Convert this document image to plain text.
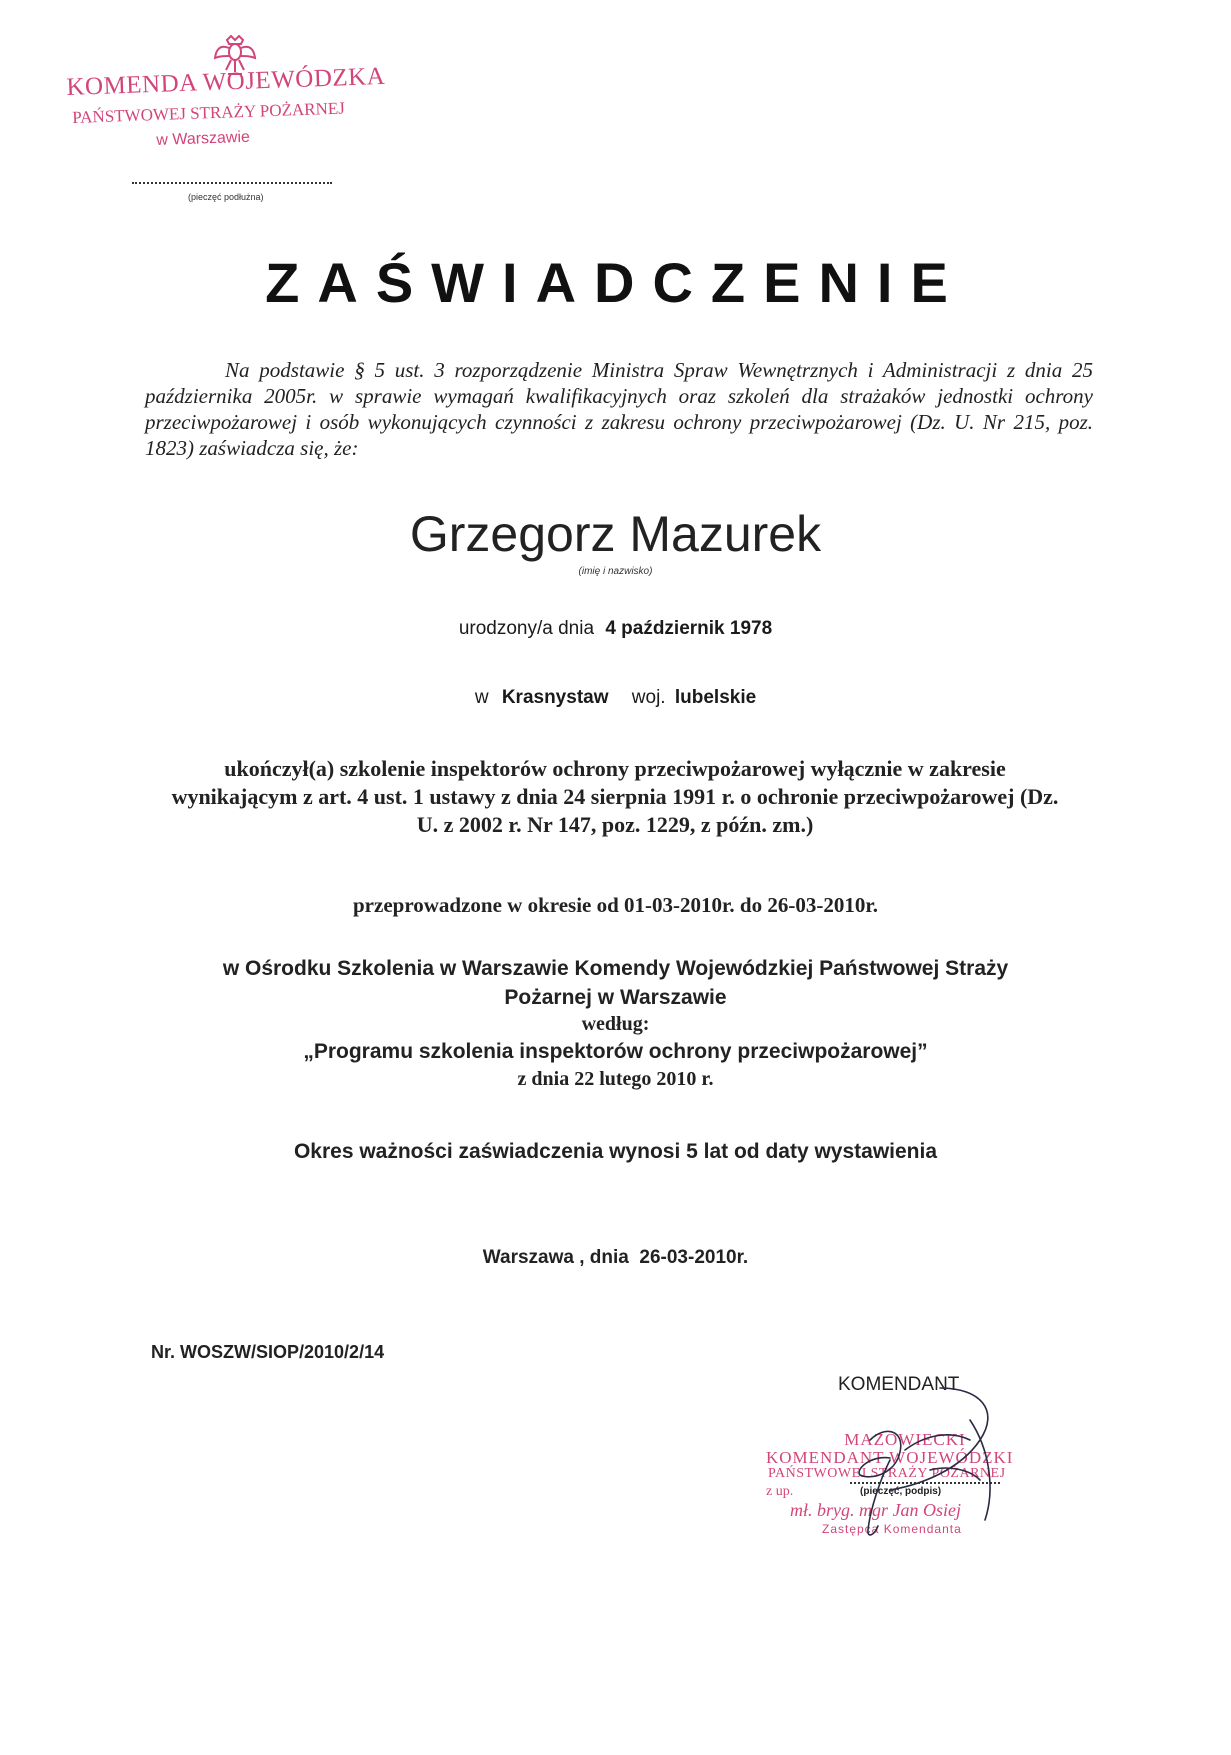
KOMENDA WOJEWÓDZKA
PAŃSTWOWEJ STRAŻY POŻARNEJ
w Warszawie
(pieczęć podłużna)
ZAŚWIADCZENIE
Na podstawie § 5 ust. 3 rozporządzenie Ministra Spraw Wewnętrznych i Administracji z dnia 25 października 2005r. w sprawie wymagań kwalifikacyjnych oraz szkoleń dla strażaków jednostki ochrony przeciwpożarowej i osób wykonujących czynności z zakresu ochrony przeciwpożarowej (Dz. U. Nr 215, poz. 1823) zaświadcza się, że:
Grzegorz Mazurek
(imię i nazwisko)
urodzony/a dnia 4 październik 1978
w Krasnystaw woj. lubelskie
ukończył(a) szkolenie inspektorów ochrony przeciwpożarowej wyłącznie w zakresie wynikającym z art. 4 ust. 1 ustawy z dnia 24 sierpnia 1991 r. o ochronie przeciwpożarowej (Dz. U. z 2002 r. Nr 147, poz. 1229, z późn. zm.)
przeprowadzone w okresie od 01-03-2010r. do 26-03-2010r.
w Ośrodku Szkolenia w Warszawie Komendy Wojewódzkiej Państwowej Straży
Pożarnej w Warszawie
według:
„Programu szkolenia inspektorów ochrony przeciwpożarowej”
z dnia 22 lutego 2010 r.
Okres ważności zaświadczenia wynosi 5 lat od daty wystawienia
Warszawa , dnia  26-03-2010r.
Nr. WOSZW/SIOP/2010/2/14
KOMENDANT
MAZOWIECKI
KOMENDANT WOJEWÓDZKI
PAŃSTWOWEJ STRAŻY POŻARNEJ
z up.	(pieczęć, podpis)
mł. bryg. mgr Jan Osiej
Zastępca Komendanta
